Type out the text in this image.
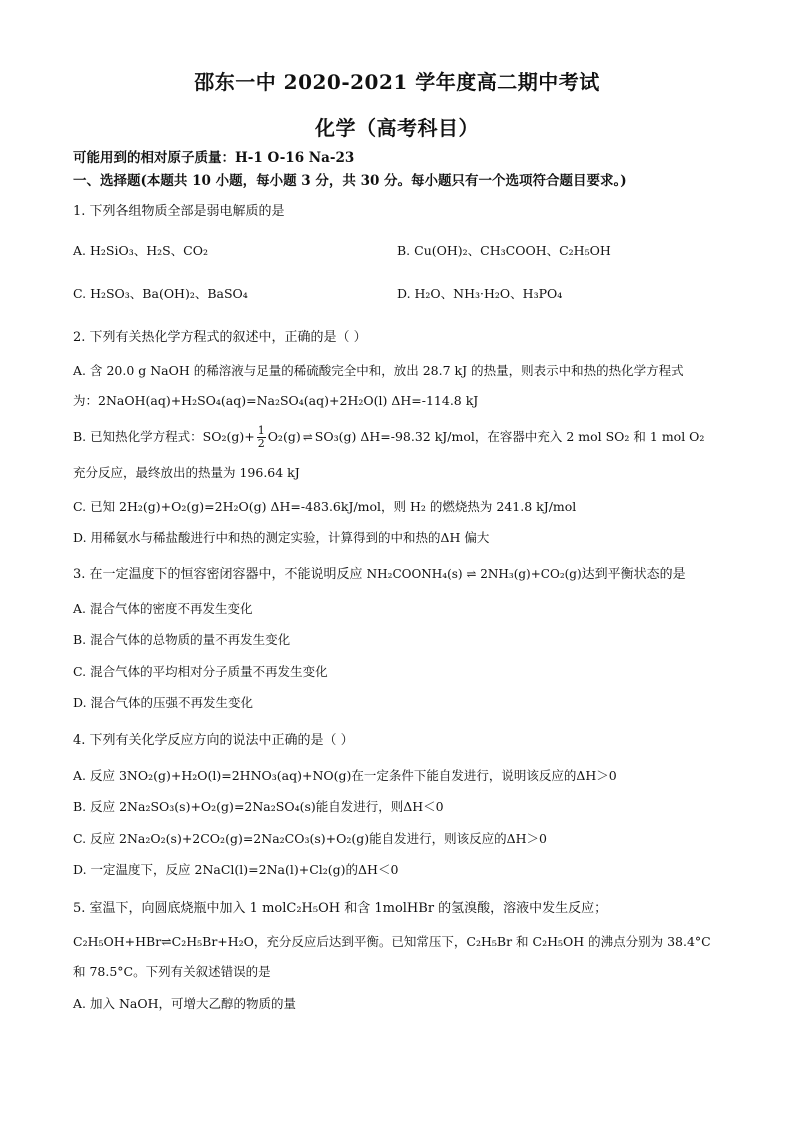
邵东一中 2020-2021 学年度高二期中考试
化学（高考科目）
可能用到的相对原子质量：H-1 O-16 Na-23
一、选择题(本题共 10 小题，每小题 3 分，共 30 分。每小题只有一个选项符合题目要求。)
1. 下列各组物质全部是弱电解质的是
A. H₂SiO₃、H₂S、CO₂	B. Cu(OH)₂、CH₃COOH、C₂H₅OH
C. H₂SO₃、Ba(OH)₂、BaSO₄	D. H₂O、NH₃·H₂O、H₃PO₄
2. 下列有关热化学方程式的叙述中，正确的是（ ）
A. 含 20.0 g NaOH 的稀溶液与足量的稀硫酸完全中和，放出 28.7 kJ 的热量，则表示中和热的热化学方程式
为：2NaOH(aq)+H₂SO₄(aq)=Na₂SO₄(aq)+2H₂O(l) ΔH=-114.8 kJ
B. 已知热化学方程式：$SO_2(g)+ \frac{1}{2} O_2(g)$ ⇌ SO₃(g) ΔH=-98.32 kJ/mol，在容器中充入 2 mol SO₂ 和 1 mol O₂
充分反应，最终放出的热量为 196.64 kJ
C. 已知 2H₂(g)+O₂(g)=2H₂O(g) ΔH=-483.6kJ/mol，则 H₂ 的燃烧热为 241.8 kJ/mol
D. 用稀氨水与稀盐酸进行中和热的测定实验，计算得到的中和热的ΔH 偏大
3. 在一定温度下的恒容密闭容器中，不能说明反应 NH₂COONH₄(s) ⇌ 2NH₃(g)+CO₂(g)达到平衡状态的是
A. 混合气体的密度不再发生变化
B. 混合气体的总物质的量不再发生变化
C. 混合气体的平均相对分子质量不再发生变化
D. 混合气体的压强不再发生变化
4. 下列有关化学反应方向的说法中正确的是（ ）
A. 反应 3NO₂(g)+H₂O(l)=2HNO₃(aq)+NO(g)在一定条件下能自发进行，说明该反应的ΔH＞0
B. 反应 2Na₂SO₃(s)+O₂(g)=2Na₂SO₄(s)能自发进行，则ΔH＜0
C. 反应 2Na₂O₂(s)+2CO₂(g)=2Na₂CO₃(s)+O₂(g)能自发进行，则该反应的ΔH＞0
D. 一定温度下，反应 2NaCl(l)=2Na(l)+Cl₂(g)的ΔH＜0
5. 室温下，向圆底烧瓶中加入 1 molC₂H₅OH 和含 1molHBr 的氢溴酸，溶液中发生反应；
C₂H₅OH+HBr⇌C₂H₅Br+H₂O，充分反应后达到平衡。已知常压下，C₂H₅Br 和 C₂H₅OH 的沸点分别为 38.4°C
和 78.5°C。下列有关叙述错误的是
A. 加入 NaOH，可增大乙醇的物质的量
